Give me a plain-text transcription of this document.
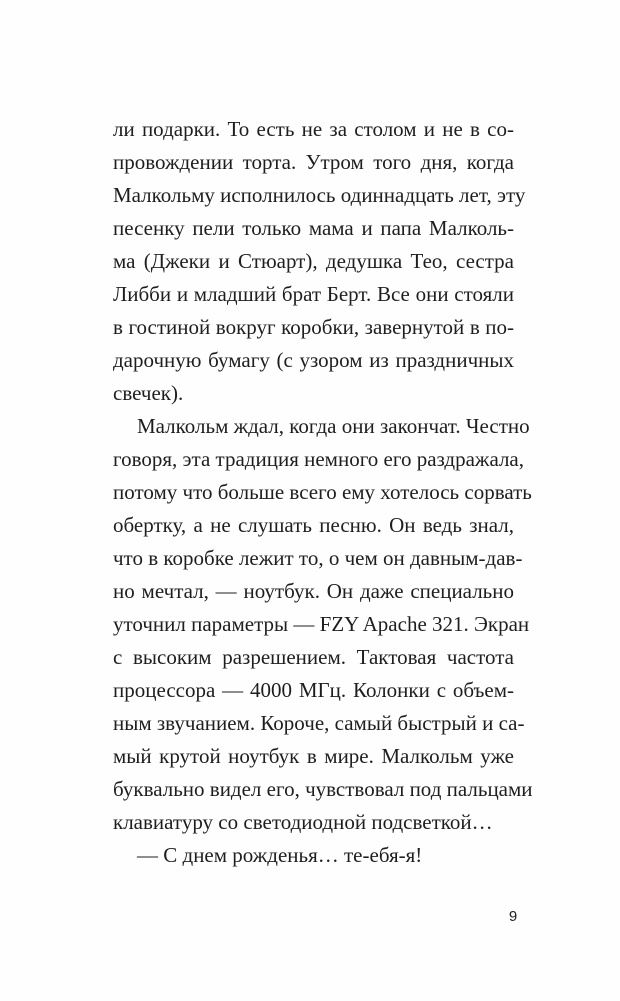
ли подарки. То есть не за столом и не в со-
провождении торта. Утром того дня, когда
Малкольму исполнилось одиннадцать лет, эту
песенку пели только мама и папа Малколь-
ма (Джеки и Стюарт), дедушка Тео, сестра
Либби и младший брат Берт. Все они стояли
в гостиной вокруг коробки, завернутой в по-
дарочную бумагу (с узором из праздничных
свечек).
Малкольм ждал, когда они закончат. Честно
говоря, эта традиция немного его раздражала,
потому что больше всего ему хотелось сорвать
обертку, а не слушать песню. Он ведь знал,
что в коробке лежит то, о чем он давным-дав-
но мечтал, — ноутбук. Он даже специально
уточнил параметры — FZY Apache 321. Экран
с высоким разрешением. Тактовая частота
процессора — 4000 МГц. Колонки с объем-
ным звучанием. Короче, самый быстрый и са-
мый крутой ноутбук в мире. Малкольм уже
буквально видел его, чувствовал под пальцами
клавиатуру со светодиодной подсветкой…
— С днем рожденья… те-ебя-я!
9
